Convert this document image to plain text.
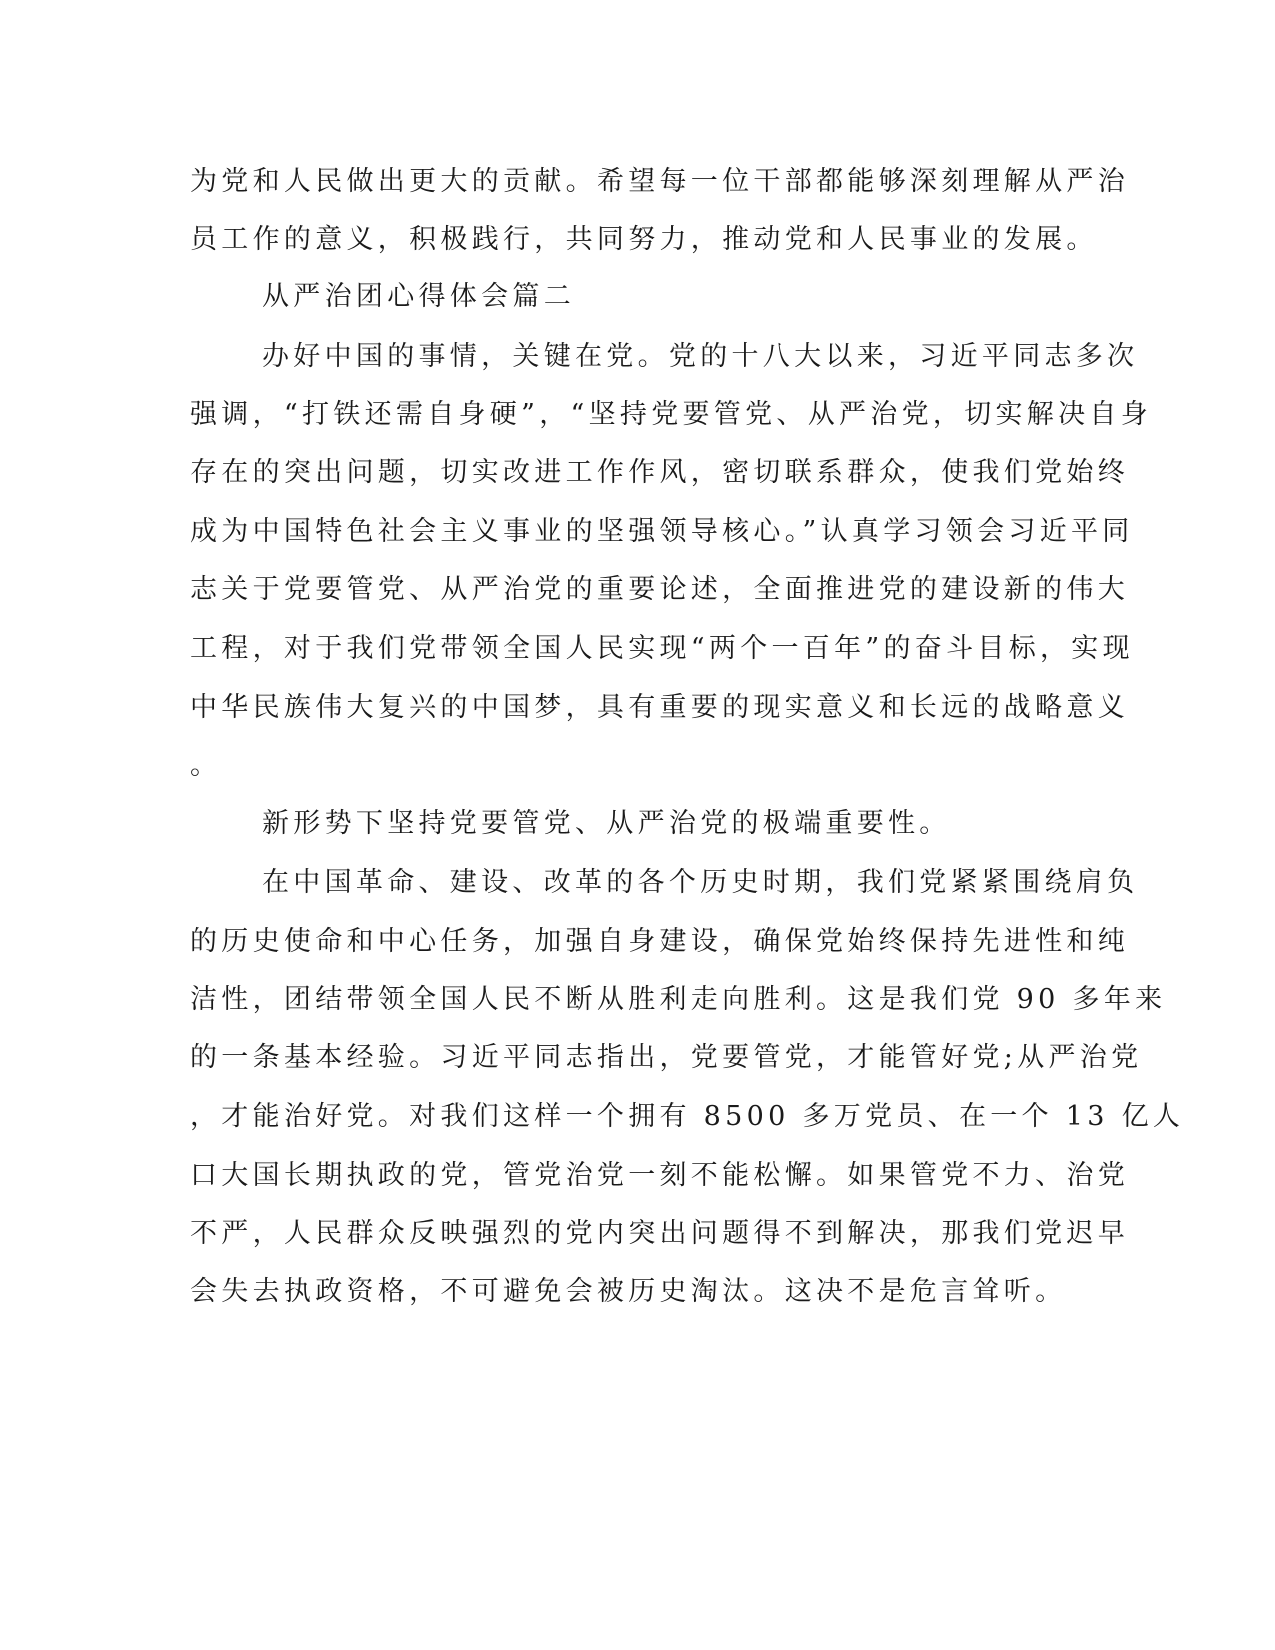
为党和人民做出更大的贡献。希望每一位干部都能够深刻理解从严治
员工作的意义，积极践行，共同努力，推动党和人民事业的发展。
从严治团心得体会篇二
办好中国的事情，关键在党。党的十八大以来，习近平同志多次
强调，“打铁还需自身硬”，“坚持党要管党、从严治党，切实解决自身
存在的突出问题，切实改进工作作风，密切联系群众，使我们党始终
成为中国特色社会主义事业的坚强领导核心。”认真学习领会习近平同
志关于党要管党、从严治党的重要论述，全面推进党的建设新的伟大
工程，对于我们党带领全国人民实现“两个一百年”的奋斗目标，实现
中华民族伟大复兴的中国梦，具有重要的现实意义和长远的战略意义
。
新形势下坚持党要管党、从严治党的极端重要性。
在中国革命、建设、改革的各个历史时期，我们党紧紧围绕肩负
的历史使命和中心任务，加强自身建设，确保党始终保持先进性和纯
洁性，团结带领全国人民不断从胜利走向胜利。这是我们党 90 多年来
的一条基本经验。习近平同志指出，党要管党，才能管好党;从严治党
，才能治好党。对我们这样一个拥有 8500 多万党员、在一个 13 亿人
口大国长期执政的党，管党治党一刻不能松懈。如果管党不力、治党
不严，人民群众反映强烈的党内突出问题得不到解决，那我们党迟早
会失去执政资格，不可避免会被历史淘汰。这决不是危言耸听。
